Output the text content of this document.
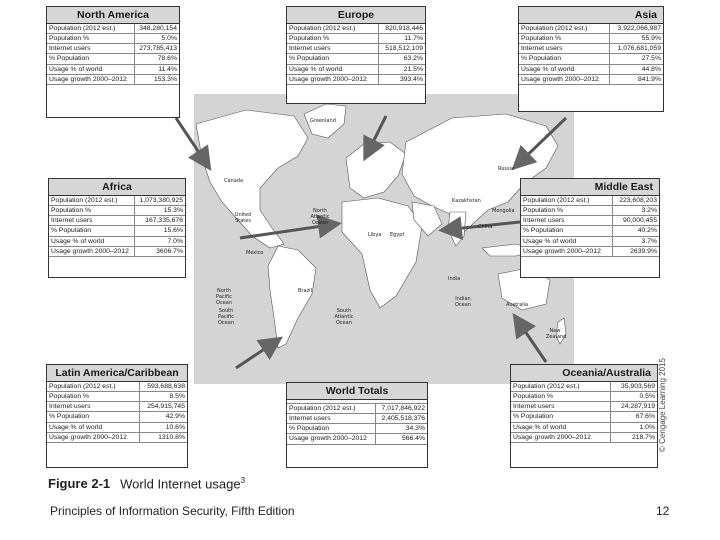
Greenland
Canada
United States
North Atlantic Ocean
North Pacific Ocean
South Pacific Ocean
South Atlantic Ocean
Brazil
Russia
Kazakhstan
China
Mongolia
India
Indian Ocean	Australia
New Zealand
Libya Egypt
Mexico
North America
Population (2012 est.)	348,280,154
Population %	5.0%
Internet users	273,785,413
% Population	78.6%
Usage % of world	11.4%
Usage growth 2000–2012	153.3%
Europe
Population (2012 est.)	820,918,446
Population %	11.7%
Internet users	518,512,109
% Population	63.2%
Usage % of world	21.5%
Usage growth 2000–2012	393.4%
Asia
Population (2012 est.)	3,922,066,987
Population %	55.9%
Internet users	1,076,681,059
% Population	27.5%
Usage % of world	44.8%
Usage growth 2000–2012	841.9%
Africa
Population (2012 est.)	1,073,380,925
Population %	15.3%
Internet users	167,335,676
% Population	15.6%
Usage % of world	7.0%
Usage growth 2000–2012	3606.7%
Middle East
Population (2012 est.)	223,608,203
Population %	3.2%
Internet users	90,000,455
% Population	40.2%
Usage % of world	3.7%
Usage growth 2000–2012	2639.9%
Latin America/Caribbean
Population (2012 est.)	593,688,638
Population %	8.5%
Internet users	254,915,745
% Population	42.9%
Usage % of world	10.6%
Usage growth 2000–2012	1310.8%
World Totals
Population (2012 est.)	7,017,846,922
Internet users	2,405,518,376
% Population	34.3%
Usage growth 2000–2012	566.4%
Oceania/Australia
Population (2012 est.)	35,903,569
Population %	0.5%
Internet users	24,287,919
% Population	67.6%
Usage % of world	1.0%
Usage growth 2000–2012	218.7% © Cengage Learning 2015
Figure 2-1 World Internet usage$^3$
Principles of Information Security, Fifth Edition	12
